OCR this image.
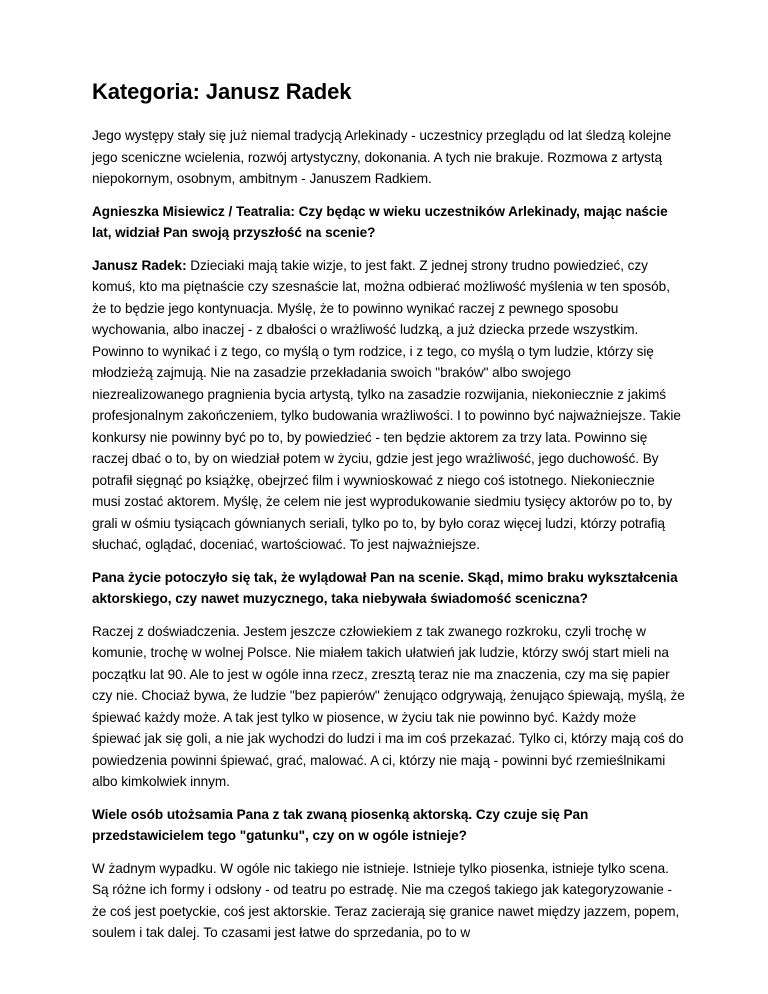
Kategoria: Janusz Radek

Jego występy stały się już niemal tradycją Arlekinady - uczestnicy przeglądu od lat śledzą kolejne jego sceniczne wcielenia, rozwój artystyczny, dokonania. A tych nie brakuje. Rozmowa z artystą niepokornym, osobnym, ambitnym - Januszem Radkiem.

Agnieszka Misiewicz / Teatralia: Czy będąc w wieku uczestników Arlekinady, mając naście lat, widział Pan swoją przyszłość na scenie?

Janusz Radek: Dzieciaki mają takie wizje, to jest fakt. Z jednej strony trudno powiedzieć, czy komuś, kto ma piętnaście czy szesnaście lat, można odbierać możliwość myślenia w ten sposób, że to będzie jego kontynuacja. Myślę, że to powinno wynikać raczej z pewnego sposobu wychowania, albo inaczej - z dbałości o wrażliwość ludzką, a już dziecka przede wszystkim. Powinno to wynikać i z tego, co myślą o tym rodzice, i z tego, co myślą o tym ludzie, którzy się młodzieżą zajmują. Nie na zasadzie przekładania swoich "braków" albo swojego niezrealizowanego pragnienia bycia artystą, tylko na zasadzie rozwijania, niekoniecznie z jakimś profesjonalnym zakończeniem, tylko budowania wrażliwości. I to powinno być najważniejsze. Takie konkursy nie powinny być po to, by powiedzieć - ten będzie aktorem za trzy lata. Powinno się raczej dbać o to, by on wiedział potem w życiu, gdzie jest jego wrażliwość, jego duchowość. By potrafił sięgnąć po książkę, obejrzeć film i wywnioskować z niego coś istotnego. Niekoniecznie musi zostać aktorem. Myślę, że celem nie jest wyprodukowanie siedmiu tysięcy aktorów po to, by grali w ośmiu tysiącach gównianych seriali, tylko po to, by było coraz więcej ludzi, którzy potrafią słuchać, oglądać, doceniać, wartościować. To jest najważniejsze.

Pana życie potoczyło się tak, że wylądował Pan na scenie. Skąd, mimo braku wykształcenia aktorskiego, czy nawet muzycznego, taka niebywała świadomość sceniczna?

Raczej z doświadczenia. Jestem jeszcze człowiekiem z tak zwanego rozkroku, czyli trochę w komunie, trochę w wolnej Polsce. Nie miałem takich ułatwień jak ludzie, którzy swój start mieli na początku lat 90. Ale to jest w ogóle inna rzecz, zresztą teraz nie ma znaczenia, czy ma się papier czy nie. Chociaż bywa, że ludzie "bez papierów" żenująco odgrywają, żenująco śpiewają, myślą, że śpiewać każdy może. A tak jest tylko w piosence, w życiu tak nie powinno być. Każdy może śpiewać jak się goli, a nie jak wychodzi do ludzi i ma im coś przekazać. Tylko ci, którzy mają coś do powiedzenia powinni śpiewać, grać, malować. A ci, którzy nie mają - powinni być rzemieślnikami albo kimkolwiek innym.

Wiele osób utożsamia Pana z tak zwaną piosenką aktorską. Czy czuje się Pan przedstawicielem tego "gatunku", czy on w ogóle istnieje?

W żadnym wypadku. W ogóle nic takiego nie istnieje. Istnieje tylko piosenka, istnieje tylko scena. Są różne ich formy i odsłony - od teatru po estradę. Nie ma czegoś takiego jak kategoryzowanie - że coś jest poetyckie, coś jest aktorskie. Teraz zacierają się granice nawet między jazzem, popem, soulem i tak dalej. To czasami jest łatwe do sprzedania, po to w
